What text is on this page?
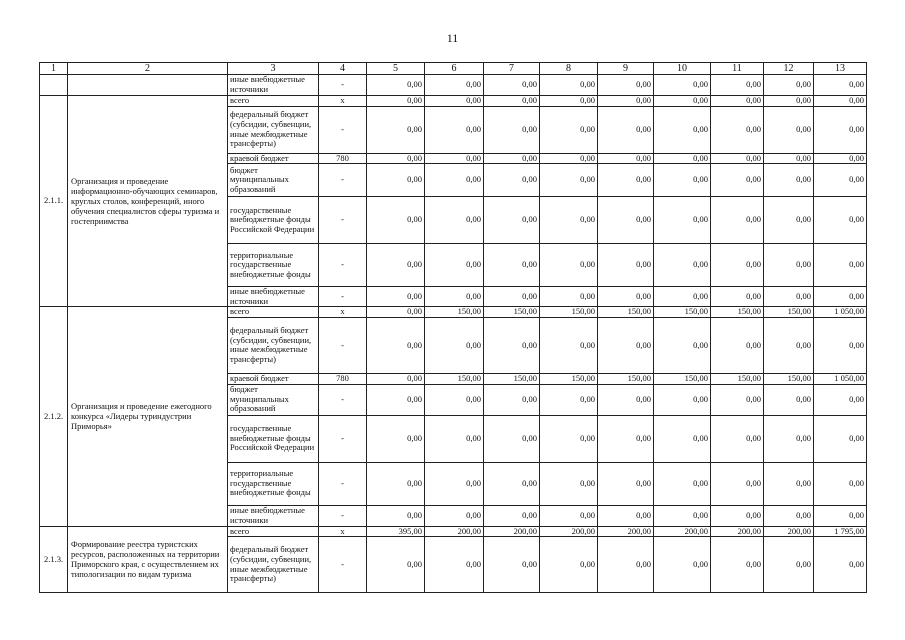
11
1	2	3	4	5	6	7	8	9	10	11	12	13
		иные внебюджетные источники	-	0,00	0,00	0,00	0,00	0,00	0,00	0,00	0,00	0,00
2.1.1.	Организация и проведение информационно-обучающих семинаров, круглых столов, конференций, иного обучения специалистов сферы туризма и гостеприимства	всего	х	0,00	0,00	0,00	0,00	0,00	0,00	0,00	0,00	0,00
		федеральный бюджет (субсидии, субвенции, иные межбюджетные трансферты)	-	0,00	0,00	0,00	0,00	0,00	0,00	0,00	0,00	0,00
		краевой бюджет	780	0,00	0,00	0,00	0,00	0,00	0,00	0,00	0,00	0,00
		бюджет муниципальных образований	-	0,00	0,00	0,00	0,00	0,00	0,00	0,00	0,00	0,00
		государственные внебюджетные фонды Российской Федерации	-	0,00	0,00	0,00	0,00	0,00	0,00	0,00	0,00	0,00
		территориальные государственные внебюджетные фонды	-	0,00	0,00	0,00	0,00	0,00	0,00	0,00	0,00	0,00
		иные внебюджетные источники	-	0,00	0,00	0,00	0,00	0,00	0,00	0,00	0,00	0,00
2.1.2.	Организация и проведение ежегодного конкурса «Лидеры туриндустрии Приморья»	всего	х	0,00	150,00	150,00	150,00	150,00	150,00	150,00	150,00	1 050,00
		федеральный бюджет (субсидии, субвенции, иные межбюджетные трансферты)	-	0,00	0,00	0,00	0,00	0,00	0,00	0,00	0,00	0,00
		краевой бюджет	780	0,00	150,00	150,00	150,00	150,00	150,00	150,00	150,00	1 050,00
		бюджет муниципальных образований	-	0,00	0,00	0,00	0,00	0,00	0,00	0,00	0,00	0,00
		государственные внебюджетные фонды Российской Федерации	-	0,00	0,00	0,00	0,00	0,00	0,00	0,00	0,00	0,00
		территориальные государственные внебюджетные фонды	-	0,00	0,00	0,00	0,00	0,00	0,00	0,00	0,00	0,00
		иные внебюджетные источники	-	0,00	0,00	0,00	0,00	0,00	0,00	0,00	0,00	0,00
2.1.3.	Формирование реестра туристских ресурсов, расположенных на территории Приморского края, с осуществлением их типологизации по видам туризма	всего	х	395,00	200,00	200,00	200,00	200,00	200,00	200,00	200,00	1 795,00
		федеральный бюджет (субсидии, субвенции, иные межбюджетные трансферты)	-	0,00	0,00	0,00	0,00	0,00	0,00	0,00	0,00	0,00
